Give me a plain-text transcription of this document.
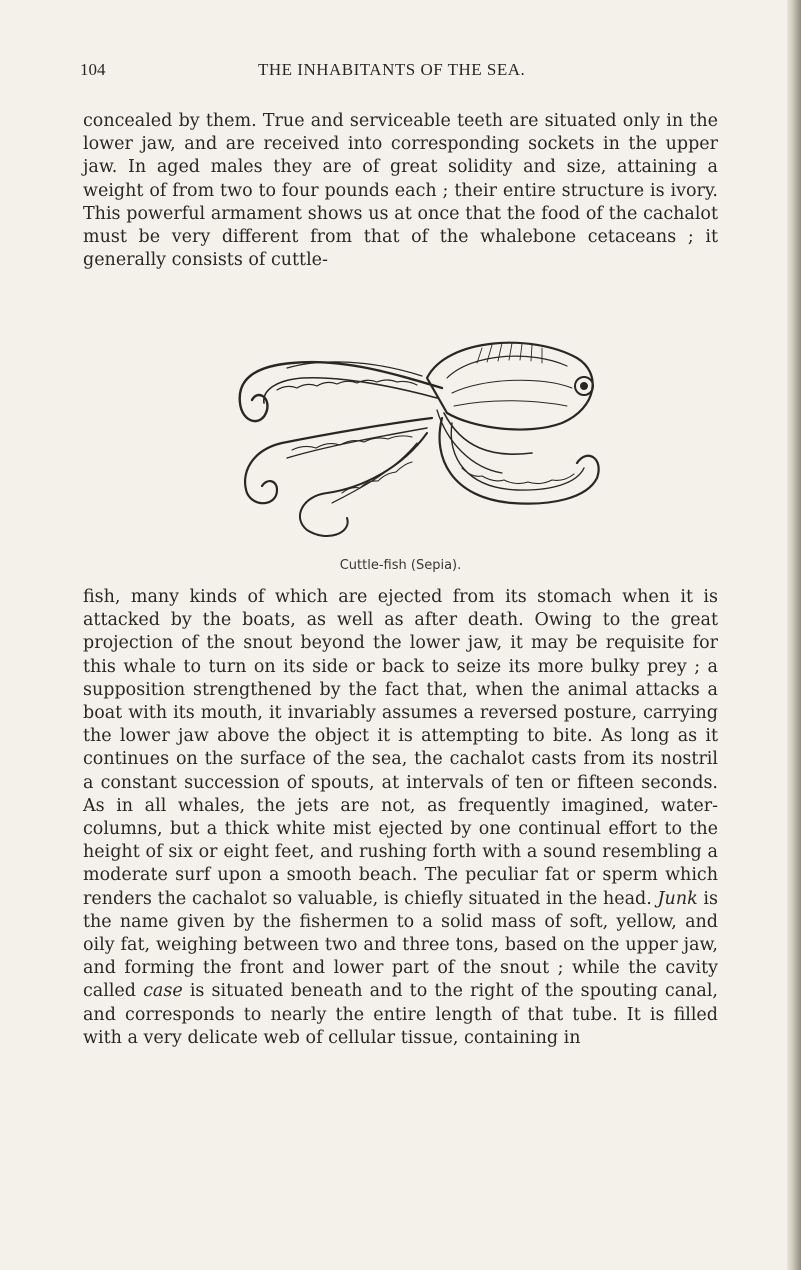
104	THE INHABITANTS OF THE SEA.

concealed by them. True and serviceable teeth are situated only in the lower jaw, and are received into corresponding sockets in the upper jaw. In aged males they are of great solidity and size, attaining a weight of from two to four pounds each ; their entire structure is ivory. This powerful armament shows us at once that the food of the cachalot must be very different from that of the whalebone cetaceans ; it generally consists of cuttle-

Cuttle-fish (Sepia).

fish, many kinds of which are ejected from its stomach when it is attacked by the boats, as well as after death. Owing to the great projection of the snout beyond the lower jaw, it may be requisite for this whale to turn on its side or back to seize its more bulky prey ; a supposition strengthened by the fact that, when the animal attacks a boat with its mouth, it invariably assumes a reversed posture, carrying the lower jaw above the object it is attempting to bite. As long as it continues on the surface of the sea, the cachalot casts from its nostril a constant succession of spouts, at intervals of ten or fifteen seconds. As in all whales, the jets are not, as frequently imagined, water-columns, but a thick white mist ejected by one continual effort to the height of six or eight feet, and rushing forth with a sound resembling a moderate surf upon a smooth beach. The peculiar fat or sperm which renders the cachalot so valuable, is chiefly situated in the head. Junk is the name given by the fishermen to a solid mass of soft, yellow, and oily fat, weighing between two and three tons, based on the upper jaw, and forming the front and lower part of the snout ; while the cavity called case is situated beneath and to the right of the spouting canal, and corresponds to nearly the entire length of that tube. It is filled with a very delicate web of cellular tissue, containing in
